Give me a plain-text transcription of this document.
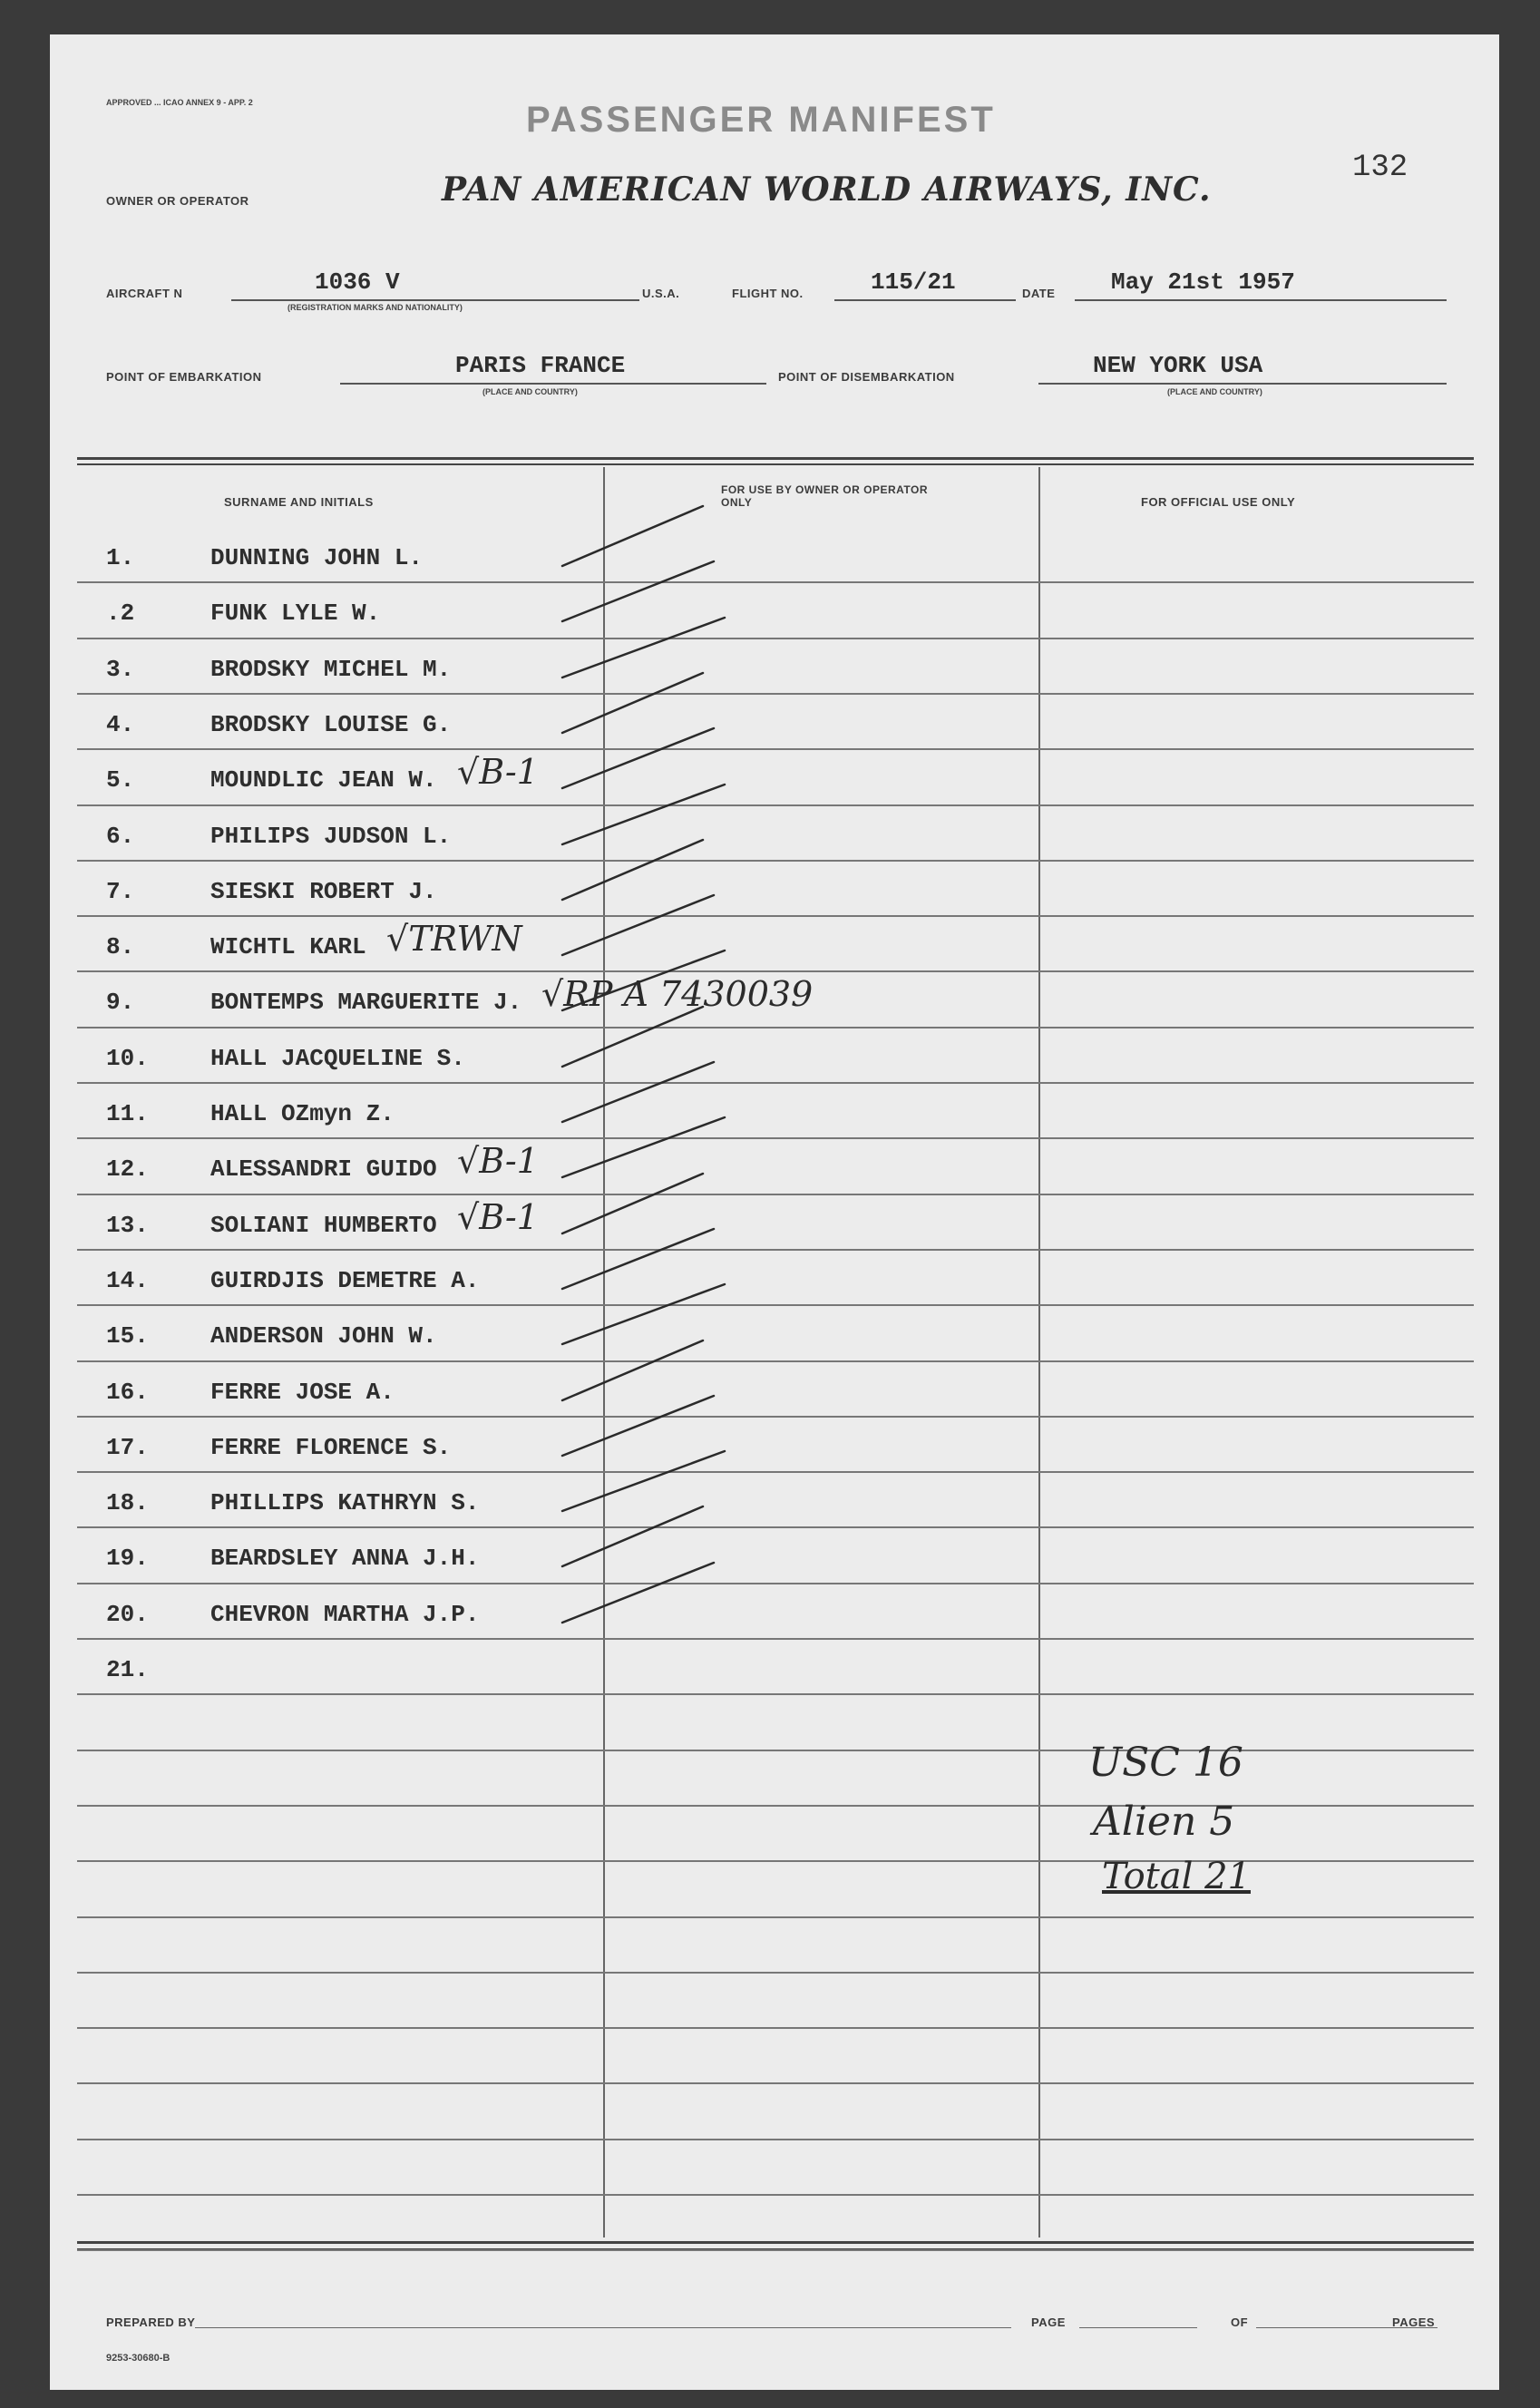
APPROVED ... ICAO ANNEX 9 - APP. 2	PASSENGER MANIFEST
132
OWNER OR OPERATOR	PAN AMERICAN WORLD AIRWAYS, INC.
AIRCRAFT N	1036 V
(REGISTRATION MARKS AND NATIONALITY)
U.S.A.	FLIGHT NO.	115/21	DATE May 21st 1957
POINT OF EMBARKATION	PARIS FRANCE
(PLACE AND COUNTRY)
POINT OF DISEMBARKATION	NEW YORK USA
(PLACE AND COUNTRY)
SURNAME AND INITIALS
FOR USE BY OWNER OR OPERATOR ONLY	FOR OFFICIAL USE ONLY
1.	DUNNING JOHN L.
.2	FUNK LYLE W.
3.	BRODSKY MICHEL M.
4.	BRODSKY LOUISE G.
5.	MOUNDLIC JEAN W. √B-1
6.	PHILIPS JUDSON L.
7.	SIESKI ROBERT J.
8.	WICHTL KARL √TRWN
9.	BONTEMPS MARGUERITE J. √RP A 7430039
10.	HALL JACQUELINE S.
11.	HALL OZmyn Z.
12.	ALESSANDRI GUIDO √B-1
13.	SOLIANI HUMBERTO √B-1
14.	GUIRDJIS DEMETRE A.
15.	ANDERSON JOHN W.
16.	FERRE JOSE A.
17.	FERRE FLORENCE S.
18.	PHILLIPS KATHRYN S.
19.	BEARDSLEY ANNA J.H.
20.	CHEVRON MARTHA J.P.
21.
USC 16
Alien 5
Total 21
PREPARED BY	PAGE	OF	PAGES
9253-30680-B
